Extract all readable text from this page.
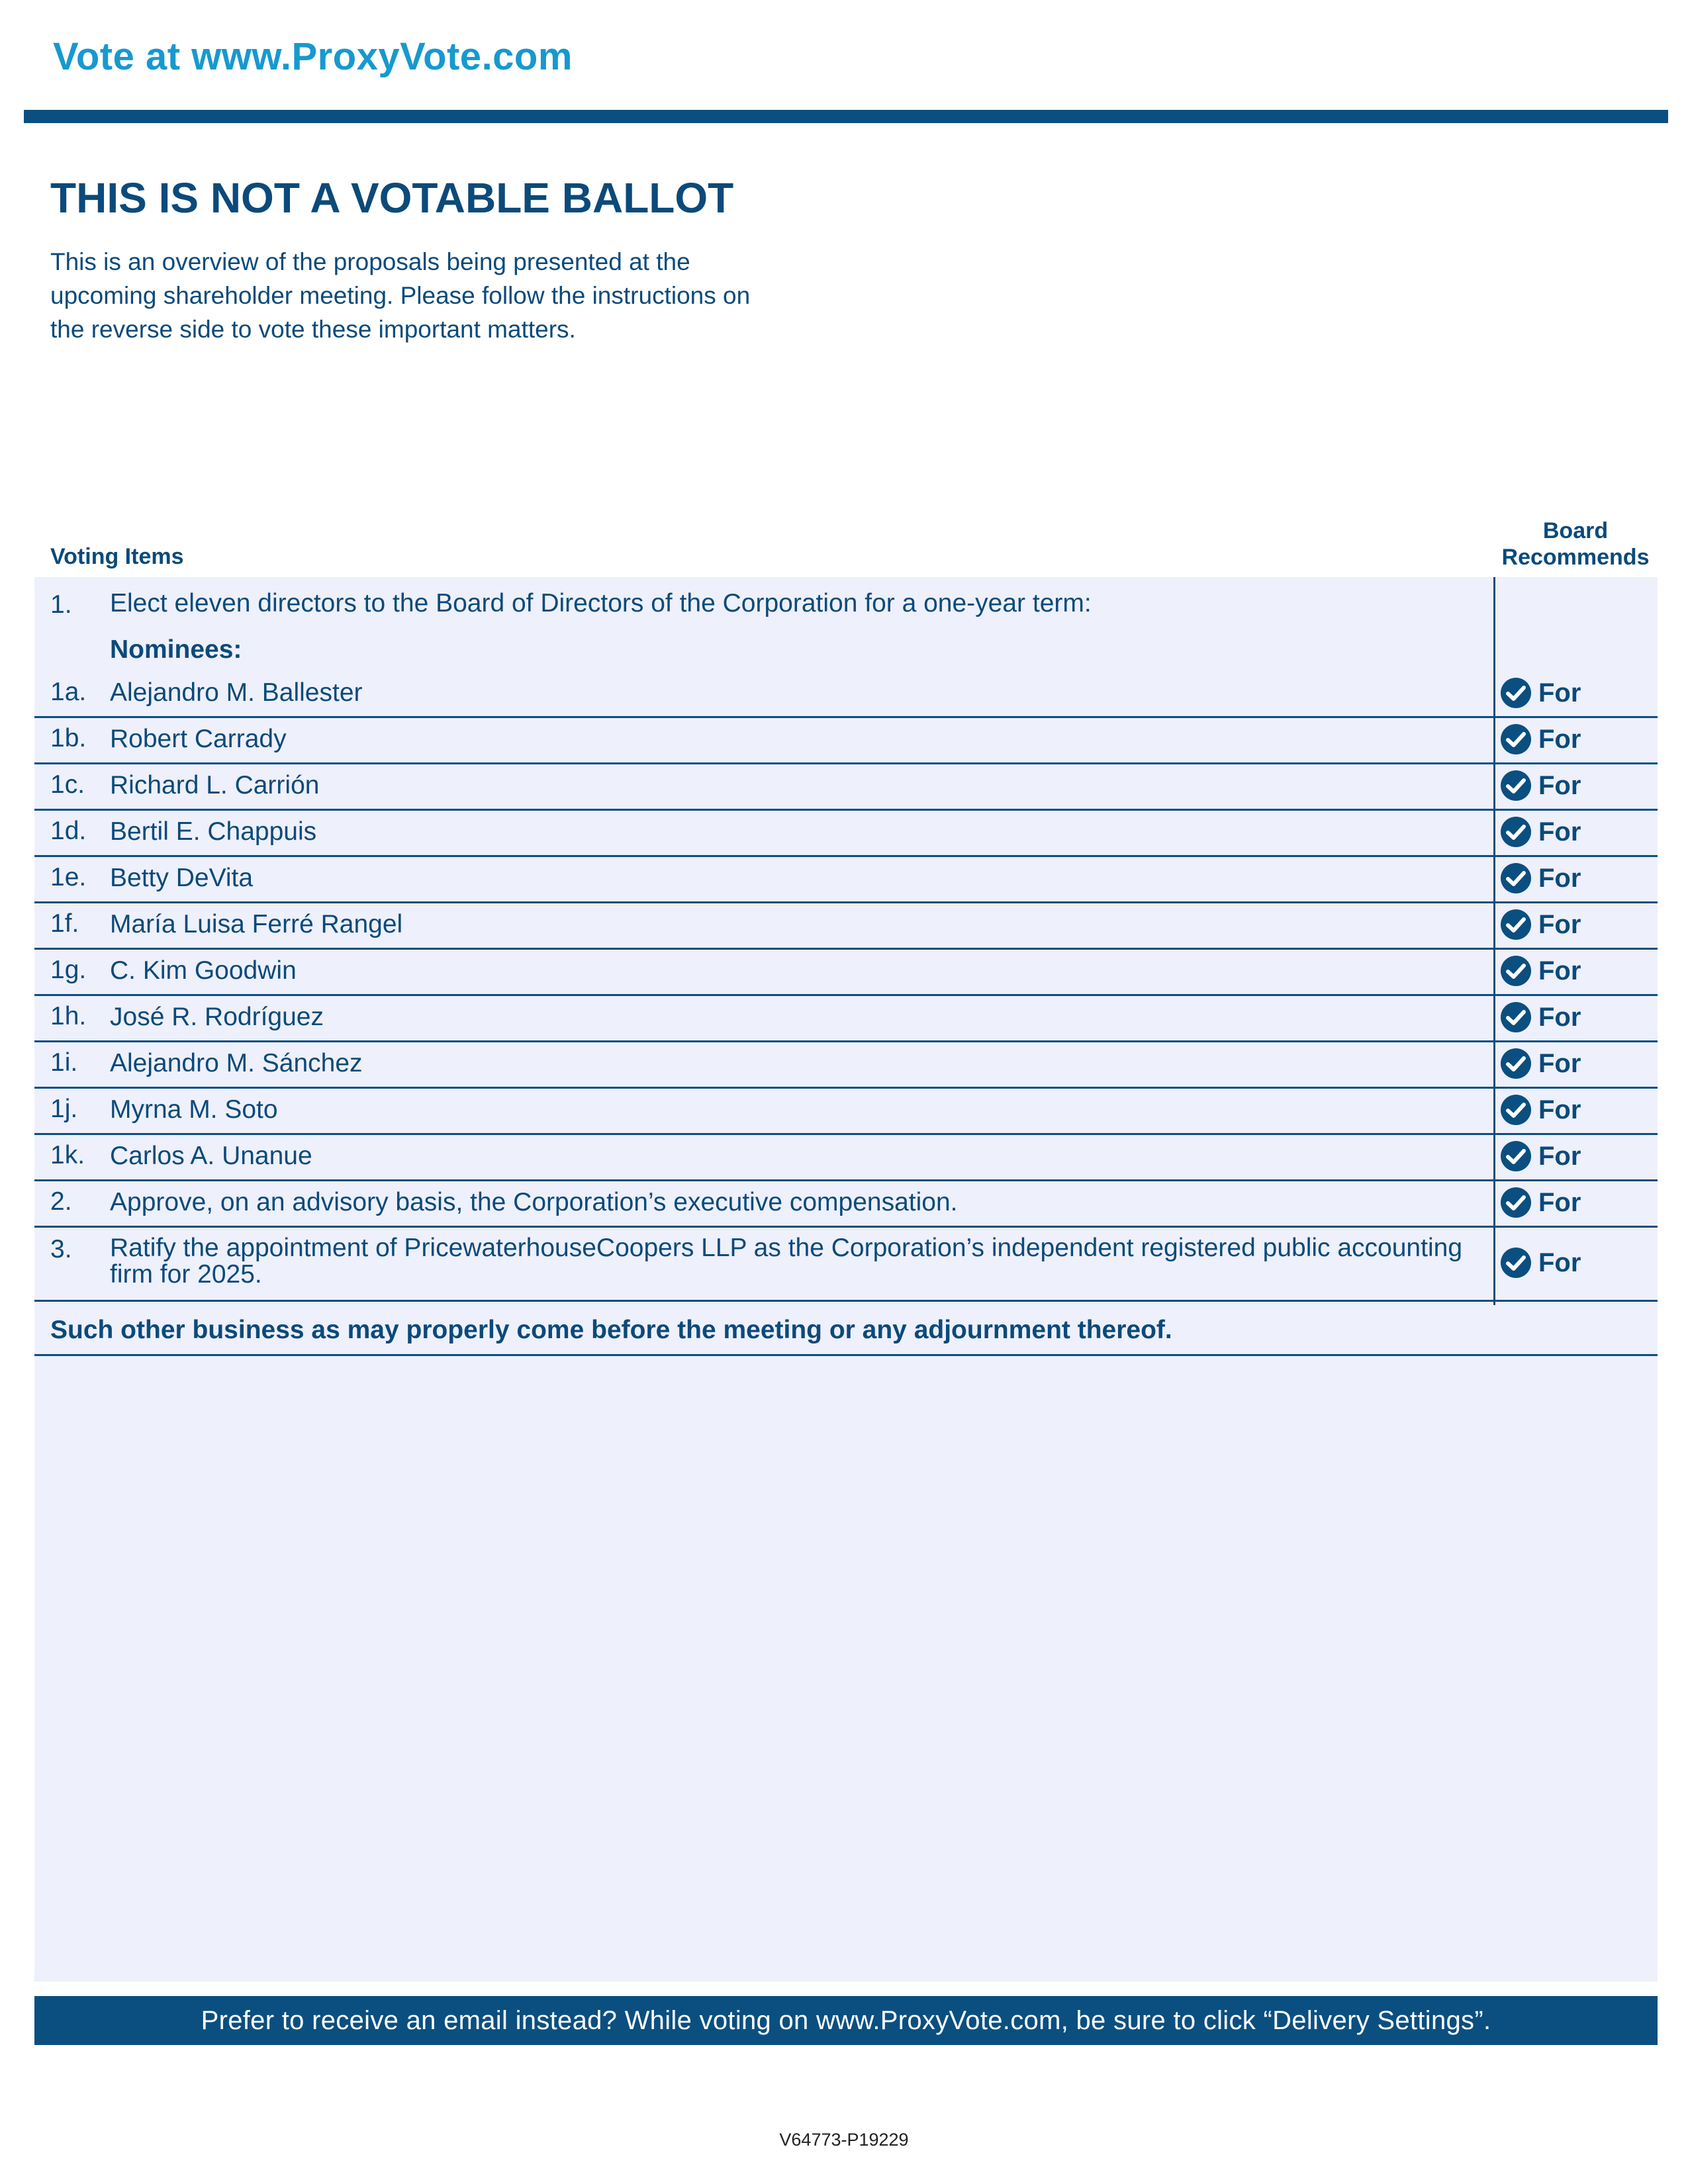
Vote at www.ProxyVote.com
THIS IS NOT A VOTABLE BALLOT
This is an overview of the proposals being presented at the
upcoming shareholder meeting. Please follow the instructions on
the reverse side to vote these important matters.
Voting Items
Board
Recommends
1. Elect eleven directors to the Board of Directors of the Corporation for a one-year term:
Nominees:
1a. Alejandro M. Ballester	For
1b. Robert Carrady	For
1c. Richard L. Carrión	For
1d. Bertil E. Chappuis	For
1e. Betty DeVita	For
1f. María Luisa Ferré Rangel	For
1g. C. Kim Goodwin	For
1h. José R. Rodríguez	For
1i. Alejandro M. Sánchez	For
1j. Myrna M. Soto	For
1k. Carlos A. Unanue	For
2. Approve, on an advisory basis, the Corporation’s executive compensation.	For
3. Ratify the appointment of PricewaterhouseCoopers LLP as the Corporation’s independent registered public accounting firm for 2025.	For
Such other business as may properly come before the meeting or any adjournment thereof.
Prefer to receive an email instead? While voting on www.ProxyVote.com, be sure to click “Delivery Settings”.
V64773-P19229
